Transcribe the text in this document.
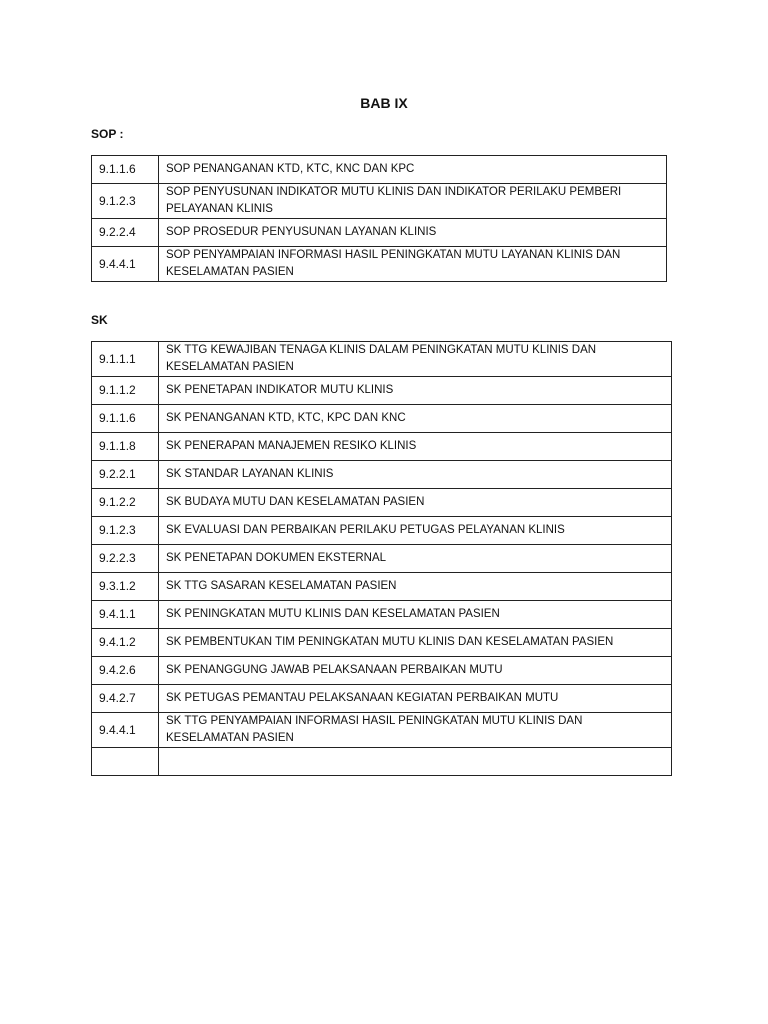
BAB IX
SOP :
9.1.1.6	SOP PENANGANAN KTD, KTC, KNC DAN KPC
9.1.2.3	SOP PENYUSUNAN INDIKATOR MUTU KLINIS DAN INDIKATOR PERILAKU PEMBERI PELAYANAN KLINIS
9.2.2.4	SOP PROSEDUR PENYUSUNAN LAYANAN KLINIS
9.4.4.1	SOP PENYAMPAIAN INFORMASI HASIL PENINGKATAN MUTU LAYANAN KLINIS DAN KESELAMATAN PASIEN
SK
9.1.1.1	SK TTG KEWAJIBAN TENAGA KLINIS DALAM PENINGKATAN MUTU KLINIS DAN KESELAMATAN PASIEN
9.1.1.2	SK PENETAPAN INDIKATOR MUTU KLINIS
9.1.1.6	SK PENANGANAN KTD, KTC, KPC DAN KNC
9.1.1.8	SK PENERAPAN MANAJEMEN RESIKO KLINIS
9.2.2.1	SK STANDAR LAYANAN KLINIS
9.1.2.2	SK BUDAYA MUTU DAN KESELAMATAN PASIEN
9.1.2.3	SK EVALUASI DAN PERBAIKAN PERILAKU PETUGAS PELAYANAN KLINIS
9.2.2.3	SK PENETAPAN DOKUMEN EKSTERNAL
9.3.1.2	SK TTG SASARAN KESELAMATAN PASIEN
9.4.1.1	SK PENINGKATAN MUTU KLINIS DAN KESELAMATAN PASIEN
9.4.1.2	SK PEMBENTUKAN TIM PENINGKATAN MUTU KLINIS DAN KESELAMATAN PASIEN
9.4.2.6	SK PENANGGUNG JAWAB PELAKSANAAN PERBAIKAN MUTU
9.4.2.7	SK PETUGAS PEMANTAU PELAKSANAAN KEGIATAN PERBAIKAN MUTU
9.4.4.1	SK TTG PENYAMPAIAN INFORMASI HASIL PENINGKATAN MUTU KLINIS DAN KESELAMATAN PASIEN
